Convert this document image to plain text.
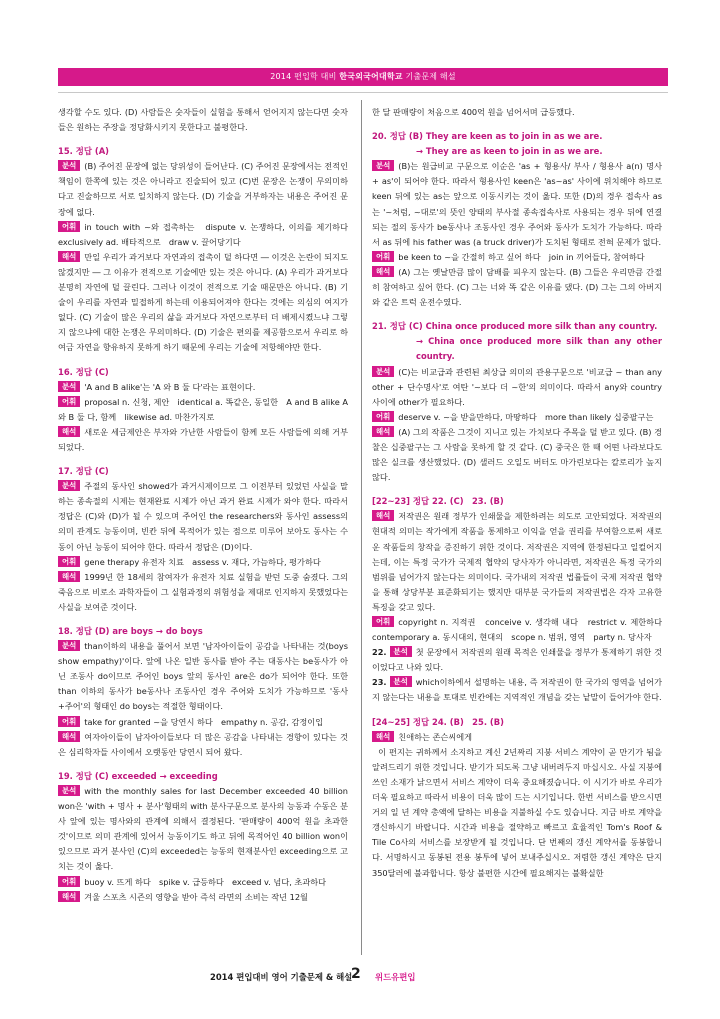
2014 편입학 대비 한국외국어대학교 기출문제 해설

생각할 수도 있다. (D) 사람들은 숫자들이 실험을 통해서 얻어지지 않는다면 숫자들은 원하는 주장을 정당화시키지 못한다고 불평한다.

15. 정답 (A)

분석 (B) 주어진 문장에 없는 당위성이 들어난다. (C) 주어진 문장에서는 전적인 책임이 한쪽에 있는 것은 아니라고 진술되어 있고 (C)번 문장은 논쟁이 무의미하다고 진술하므로 서로 일치하지 않는다. (D) 기술을 거부하자는 내용은 주어진 문장에 없다.

어휘 in touch with ~와 접촉하는　dispute v. 논쟁하다, 이의를 제기하다　exclusively ad. 배타적으로　draw v. 끌어당기다

해석 만일 우리가 과거보다 자연과의 접촉이 덜 하다면 ― 이것은 논란이 되지도 않겠지만 ― 그 이유가 전적으로 기술에만 있는 것은 아니다. (A) 우리가 과거보다 분명히 자연에 덜 끌린다. 그러나 이것이 전적으로 기술 때문만은 아니다. (B) 기술이 우리를 자연과 밀접하게 하는데 이용되어져야 한다는 것에는 의심의 여지가 없다. (C) 기술이 많은 우리의 삶을 과거보다 자연으로부터 더 배제시켰느냐 그렇지 않으냐에 대한 논쟁은 무의미하다. (D) 기술은 편의를 제공함으로서 우리로 하여금 자연을 향유하지 못하게 하기 때문에 우리는 기술에 저항해야만 한다.

16. 정답 (C)

분석 'A and B alike'는 'A 와 B 둘 다'라는 표현이다.

어휘 proposal n. 신청, 제안　identical a. 똑같은, 동일한　A and B alike A와 B 둘 다, 함께　likewise ad. 마찬가지로

해석 새로운 세금제안은 부자와 가난한 사람들이 함께 모든 사람들에 의해 거부되었다.

17. 정답 (C)

분석 주절의 동사인 showed가 과거시제이므로 그 이전부터 있었던 사실을 말하는 종속절의 시제는 현재완료 시제가 아닌 과거 완료 시제가 와야 한다. 따라서 정답은 (C)와 (D)가 될 수 있으며 주어인 the researchers와 동사인 assess의 의미 관계도 능동이며, 빈칸 뒤에 목적어가 있는 점으로 미루어 보아도 동사는 수동이 아닌 능동이 되어야 한다. 따라서 정답은 (D)이다.

어휘 gene therapy 유전자 치료　assess v. 재다, 가늠하다, 평가하다

해석 1999년 한 18세의 참여자가 유전자 치료 실험을 받던 도중 숨졌다. 그의 죽음으로 비로소 과학자들이 그 실험과정의 위험성을 제대로 인지하지 못했었다는 사실을 보여준 것이다.

18. 정답 (D) are boys → do boys

분석 than이하의 내용을 풀어서 보면 '남자아이들이 공감을 나타내는 것(boys show empathy)'이다. 앞에 나온 일반 동사를 받아 주는 대동사는 be동사가 아닌 조동사 do이므로 주어인 boys 앞의 동사인 are은 do가 되어야 한다. 또한 than 이하의 동사가 be동사나 조동사인 경우 주어와 도치가 가능하므로 '동사+주어'의 형태인 do boys는 적절한 형태이다.

어휘 take for granted ~을 당연시 하다　empathy n. 공감, 감정이입

해석 여자아이들이 남자아이들보다 더 많은 공감을 나타내는 경향이 있다는 것은 심리학자들 사이에서 오랫동안 당연시 되어 왔다.

19. 정답 (C) exceeded → exceeding

분석 with the monthly sales for last December exceeded 40 billion won은 'with + 명사 + 분사'형태의 with 분사구문으로 분사의 능동과 수동은 분사 앞에 있는 명사와의 관계에 의해서 결정된다. '판매량이 400억 원을 초과한 것'이므로 의미 관계에 있어서 능동이기도 하고 뒤에 목적어인 40 billion won이 있으므로 과거 분사인 (C)의 exceeded는 능동의 현재분사인 exceeding으로 고치는 것이 옳다.

어휘 buoy v. 뜨게 하다　spike v. 급등하다　exceed v. 넘다, 초과하다

해석 겨울 스포츠 시즌의 영향을 받아 즉석 라면의 소비는 작년 12월

한 달 판매량이 처음으로 400억 원을 넘어서며 급등했다.

20. 정답 (B) They are keen as to join in as we are.
→ They are as keen to join in as we are.

분석 (B)는 원급비교 구문으로 이순은 'as + 형용사/ 부사 / 형용사 a(n) 명사 + as'이 되어야 한다. 따라서 형용사인 keen은 'as~as' 사이에 위치해야 하므로 keen 뒤에 있는 as는 앞으로 이동시키는 것이 옳다. 또한 (D)의 경우 접속사 as는 '~처럼, ~대로'의 뜻인 양태의 부사절 종속접속사로 사용되는 경우 뒤에 연결되는 절의 동사가 be동사나 조동사인 경우 주어와 동사가 도치가 가능하다. 따라서 as 뒤에 his father was (a truck driver)가 도치된 형태로 전혀 문제가 없다.

어휘 be keen to ~을 간절히 하고 싶어 하다　join in 끼어들다, 참여하다

해석 (A) 그는 옛날만큼 많이 담배를 피우지 않는다. (B) 그들은 우리만큼 간절히 참여하고 싶어 한다. (C) 그는 너와 똑 같은 이유를 댔다. (D) 그는 그의 아버지와 같은 트럭 운전수였다.

21. 정답 (C) China once produced more silk than any country.
→ China once produced more silk than any other country.

분석 (C)는 비교급과 관련된 최상급 의미의 관용구문으로 '비교급 ~ than any other + 단수명사'로 여탄 '~보다 더 ~한'의 의미이다. 따라서 any와 country사이에 other가 필요하다.

어휘 deserve v. ~을 받을만하다, 마땅하다　more than likely 십중팔구는

해석 (A) 그의 작품은 그것이 지니고 있는 가치보다 주목을 덜 받고 있다. (B) 경찰은 십중팔구는 그 사람을 못하게 할 것 같다. (C) 중국은 한 때 어떤 나라보다도 많은 실크를 생산했었다. (D) 샐러드 오일도 버터도 마가린보다는 칼로리가 높지 않다.

[22~23] 정답 22. (C)　23. (B)

해석 저작권은 원래 정부가 인쇄물을 제한하려는 의도로 고안되었다. 저작권의 현대적 의미는 작가에게 작품을 통제하고 이익을 얻을 권리를 부여함으로써 새로운 작품들의 창작을 증진하기 위한 것이다. 저작권은 지역에 한정된다고 일컬어지는데, 이는 특정 국가가 국제적 협약의 당사자가 아니라면, 저작권은 특정 국가의 범위를 넘어가지 않는다는 의미이다. 국가내의 저작권 법률들이 국제 저작권 협약을 통해 상당부분 표준화되기는 했지만 대부분 국가들의 저작권법은 각자 고유한 특징을 갖고 있다.

어휘 copyright n. 지적권　conceive v. 생각해 내다　restrict v. 제한하다　contemporary a. 동시대의, 현대의　scope n. 범위, 영역　party n. 당사자

22. 분석 첫 문장에서 저작권의 원래 목적은 인쇄물을 정부가 통제하기 위한 것이었다고 나와 있다.

23. 분석 which이하에서 설명하는 내용, 즉 저작권이 한 국가의 영역을 넘어가지 않는다는 내용을 토대로 빈칸에는 지역적인 개념을 갖는 낱말이 들어가야 한다.

[24~25] 정답 24. (B)　25. (B)

해석 친애하는 존슨씨에게

이 편지는 귀하께서 소지하고 계신 2년짜리 지붕 서비스 계약이 곧 만기가 됨을 알려드리기 위한 것입니다. 받기가 되도록 그냥 내버려두지 마십시오. 사실 지붕에 쓰인 소재가 낡으면서 서비스 계약이 더욱 중요해졌습니다. 이 시기가 바로 우리가 더욱 필요하고 따라서 비용이 더욱 많이 드는 시기입니다. 한번 서비스를 받으시면 거의 일 년 계약 총액에 달하는 비용을 지불하실 수도 있습니다. 지금 바로 계약을 갱신하시기 바랍니다. 시간과 비용을 절약하고 빠르고 효율적인 Tom's Roof & Tile Co사의 서비스를 보장받게 될 것입니다. 단 번째의 갱신 계약서를 동봉합니다. 서명하시고 동봉된 전용 봉투에 넣어 보내주십시오. 저렴한 갱신 계약은 단지 350달러에 불과합니다. 항상 불편한 시간에 필요해지는 불확실한

2014 편입대비 영어 기출문제 & 해설
2 위드유편입
